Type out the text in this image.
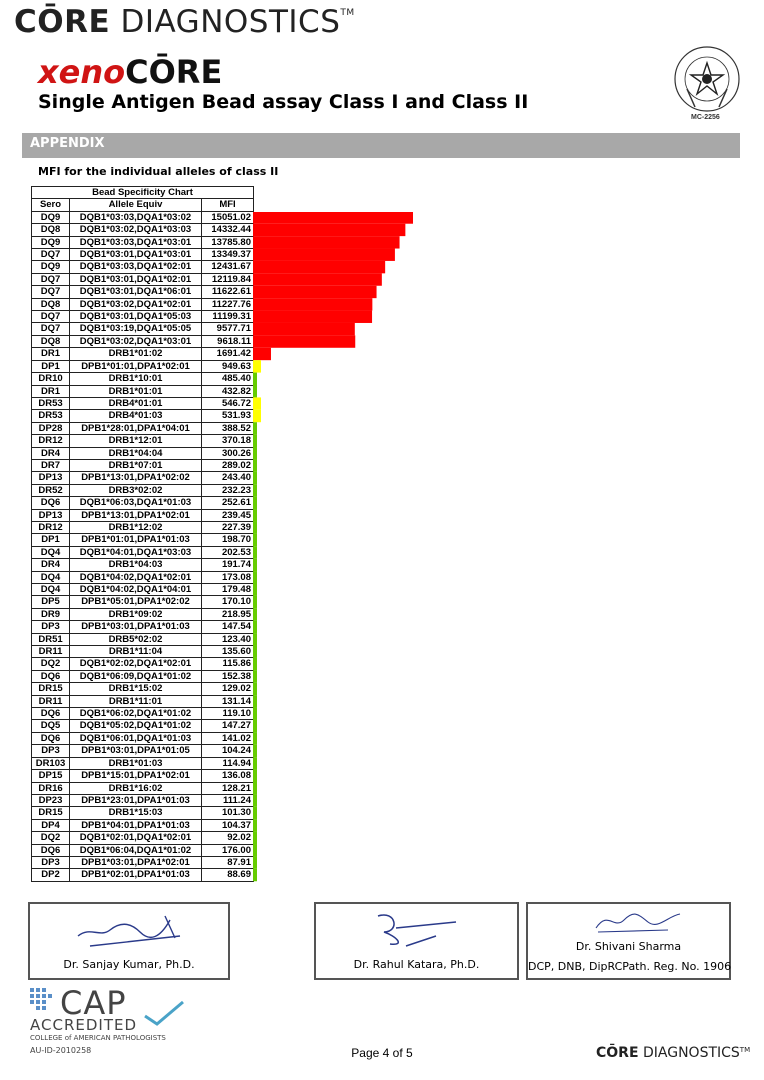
CŌRE DIAGNOSTICS™
xenoCŌRE
Single Antigen Bead assay Class I and Class II
MC-2256
APPENDIX
MFI for the individual alleles of class II
Bead Specificity Chart		
Sero	Allele Equiv	MFI
DQ9	DQB1*03:03,DQA1*03:02	15051.02
DQ8	DQB1*03:02,DQA1*03:03	14332.44
DQ9	DQB1*03:03,DQA1*03:01	13785.80
DQ7	DQB1*03:01,DQA1*03:01	13349.37
DQ9	DQB1*03:03,DQA1*02:01	12431.67
DQ7	DQB1*03:01,DQA1*02:01	12119.84
DQ7	DQB1*03:01,DQA1*06:01	11622.61
DQ8	DQB1*03:02,DQA1*02:01	11227.76
DQ7	DQB1*03:01,DQA1*05:03	11199.31
DQ7	DQB1*03:19,DQA1*05:05	9577.71
DQ8	DQB1*03:02,DQA1*03:01	9618.11
DR1	DRB1*01:02	1691.42
DP1	DPB1*01:01,DPA1*02:01	949.63
DR10	DRB1*10:01	485.40
DR1	DRB1*01:01	432.82
DR53	DRB4*01:01	546.72
DR53	DRB4*01:03	531.93
DP28	DPB1*28:01,DPA1*04:01	388.52
DR12	DRB1*12:01	370.18
DR4	DRB1*04:04	300.26
DR7	DRB1*07:01	289.02
DP13	DPB1*13:01,DPA1*02:02	243.40
DR52	DRB3*02:02	232.23
DQ6	DQB1*06:03,DQA1*01:03	252.61
DP13	DPB1*13:01,DPA1*02:01	239.45
DR12	DRB1*12:02	227.39
DP1	DPB1*01:01,DPA1*01:03	198.70
DQ4	DQB1*04:01,DQA1*03:03	202.53
DR4	DRB1*04:03	191.74
DQ4	DQB1*04:02,DQA1*02:01	173.08
DQ4	DQB1*04:02,DQA1*04:01	179.48
DP5	DPB1*05:01,DPA1*02:02	170.10
DR9	DRB1*09:02	218.95
DP3	DPB1*03:01,DPA1*01:03	147.54
DR51	DRB5*02:02	123.40
DR11	DRB1*11:04	135.60
DQ2	DQB1*02:02,DQA1*02:01	115.86
DQ6	DQB1*06:09,DQA1*01:02	152.38
DR15	DRB1*15:02	129.02
DR11	DRB1*11:01	131.14
DQ6	DQB1*06:02,DQA1*01:02	119.10
DQ5	DQB1*05:02,DQA1*01:02	147.27
DQ6	DQB1*06:01,DQA1*01:03	141.02
DP3	DPB1*03:01,DPA1*01:05	104.24
DR103	DRB1*01:03	114.94
DP15	DPB1*15:01,DPA1*02:01	136.08
DR16	DRB1*16:02	128.21
DP23	DPB1*23:01,DPA1*01:03	111.24
DR15	DRB1*15:03	101.30
DP4	DPB1*04:01,DPA1*01:03	104.37
DQ2	DQB1*02:01,DQA1*02:01	92.02
DQ6	DQB1*06:04,DQA1*01:02	176.00
DP3	DPB1*03:01,DPA1*02:01	87.91
DP2	DPB1*02:01,DPA1*01:03	88.69
Dr. Sanjay Kumar, Ph.D.	Dr. Rahul Katara, Ph.D.
Dr. Shivani Sharma
DCP, DNB, DipRCPath. Reg. No. 1906
CAP
ACCREDITED
COLLEGE of AMERICAN PATHOLOGISTS
AU-ID-2010258	Page 4 of 5	CŌRE DIAGNOSTICS™
